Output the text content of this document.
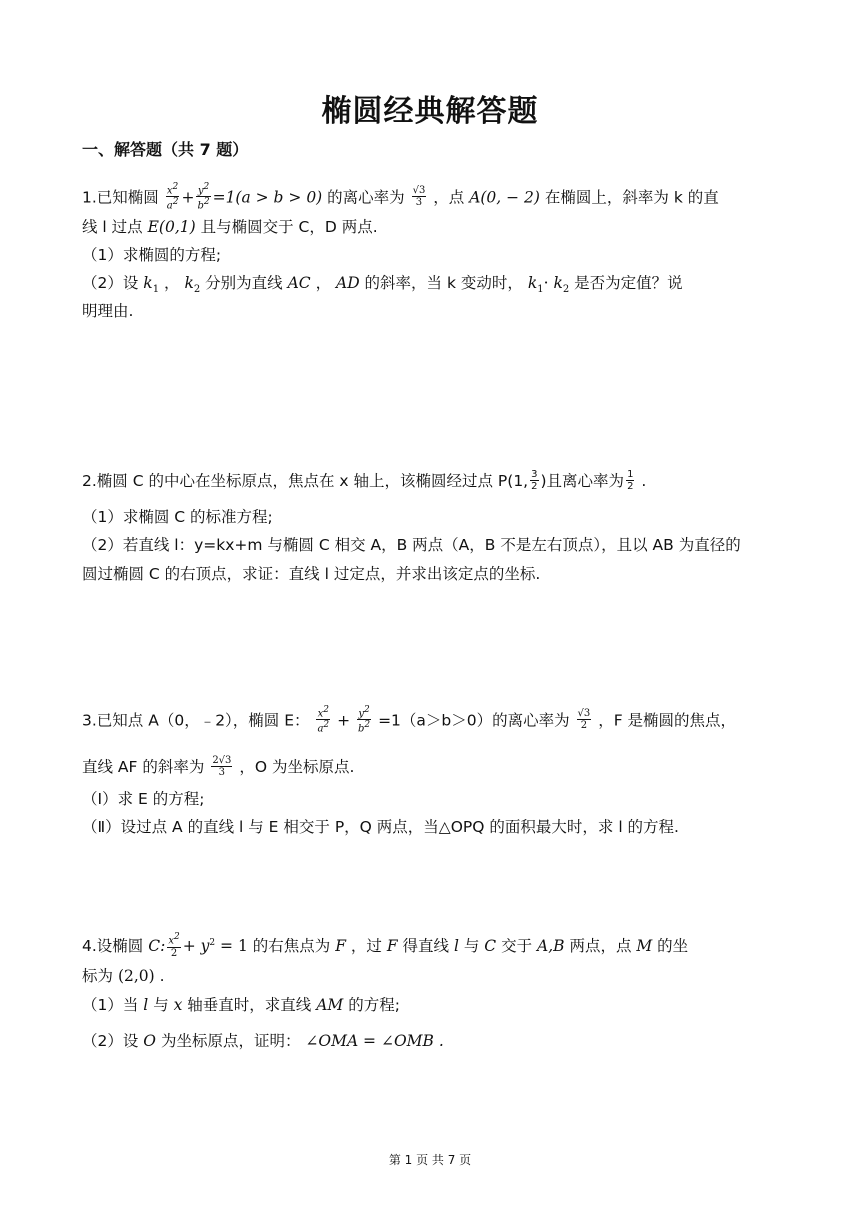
椭圆经典解答题
一、解答题（共 7 题）
1.已知椭圆 $\frac{x2}{a2} + \frac{y2}{b2} =1(a > b > 0)$ 的离心率为 $\frac{√3}{3}$ ，点 A(0, − 2) 在椭圆上，斜率为 k 的直
线 l 过点 E(0,1) 且与椭圆交于 C，D 两点.
（1）求椭圆的方程;
（2）设 $k_1$ ， $k_2$ 分别为直线 AC ， AD 的斜率，当 k 变动时， $k_1\cdot k_2$ 是否为定值？说
明理由.
2.椭圆 C 的中心在坐标原点，焦点在 x 轴上，该椭圆经过点 P(1, $\frac{3}{2}$ )且离心率为 $\frac{1}{2}$ .
（1）求椭圆 C 的标准方程;
（2）若直线 l：y=kx+m 与椭圆 C 相交 A，B 两点（A，B 不是左右顶点），且以 AB 为直径的
圆过椭圆 C 的右顶点，求证：直线 l 过定点，并求出该定点的坐标.
3.已知点 A（0，﹣2），椭圆 E： $\frac{x2}{a2} + \frac{y2}{b2} =1(a>b>0)$的离心率为 $\frac{√3}{2}$ ，F 是椭圆的焦点，
直线 AF 的斜率为 $\frac{2√3}{3}$ ，O 为坐标原点.
（Ⅰ）求 E 的方程;
（Ⅱ）设过点 A 的直线 l 与 E 相交于 P，Q 两点，当△OPQ 的面积最大时，求 l 的方程.
4.设椭圆 C: $\frac{x2}{2} + y^2 = 1$ 的右焦点为 F ，过 F 得直线 l 与 C 交于 A,B 两点，点 M 的坐
标为 (2,0) .
（1）当 l 与 x 轴垂直时，求直线 AM 的方程;
（2）设 O 为坐标原点，证明： ∠OMA = ∠OMB .
第 1 页 共 7 页
